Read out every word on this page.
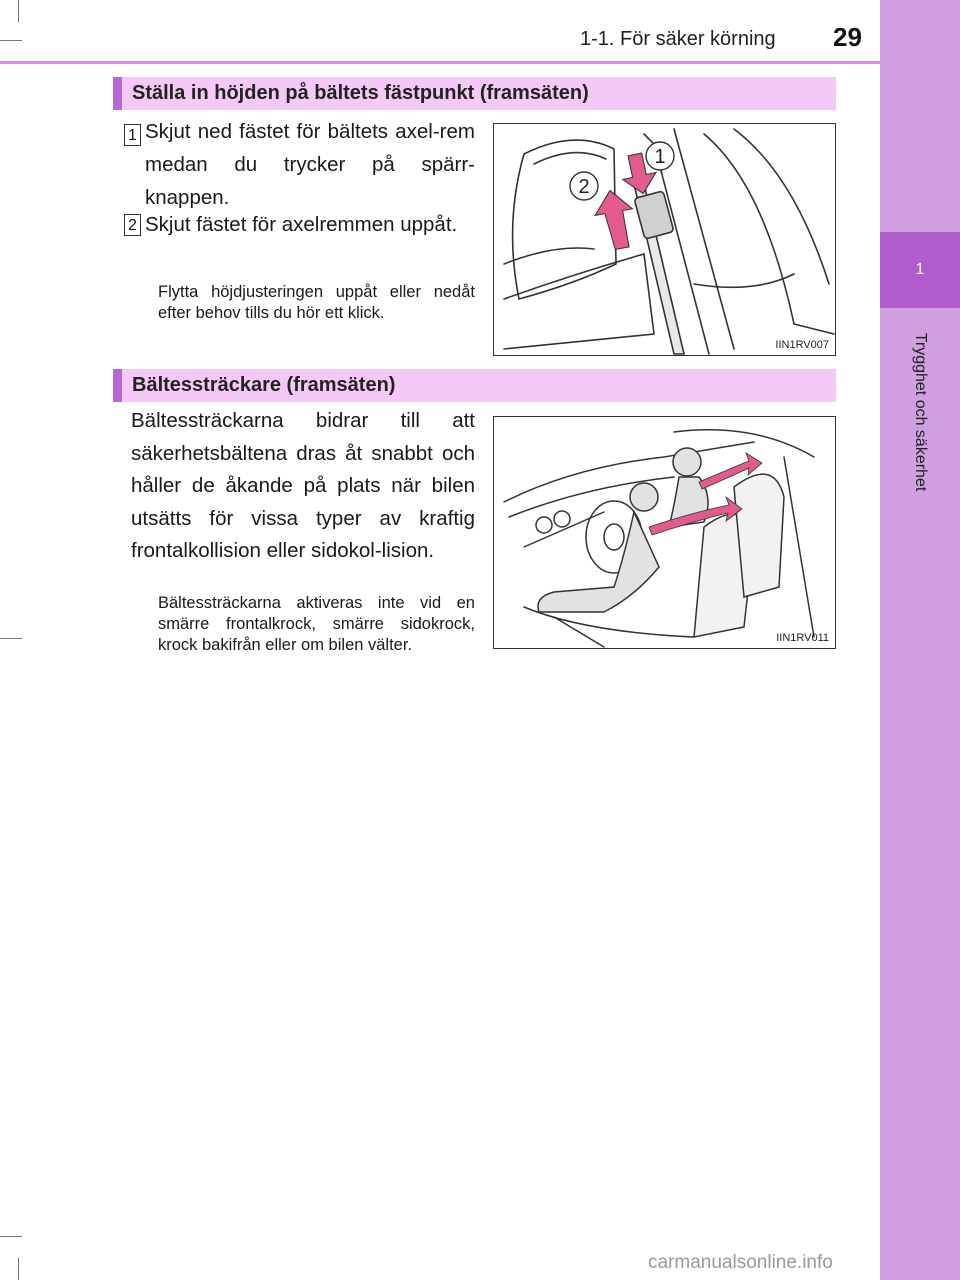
1-1. För säker körning 29
1
Trygghet och säkerhet
Ställa in höjden på bältets fästpunkt (framsäten)
1 Skjut ned fästet för bältets axel-rem medan du trycker på spärr-knappen.
2 Skjut fästet för axelremmen uppåt.
Flytta höjdjusteringen uppåt eller nedåt efter behov tills du hör ett klick.
1
2
IIN1RV007
Bältessträckare (framsäten)
Bältessträckarna bidrar till att säkerhetsbältena dras åt snabbt och håller de åkande på plats när bilen utsätts för vissa typer av kraftig frontalkollision eller sidokol-lision.
Bältessträckarna aktiveras inte vid en smärre frontalkrock, smärre sidokrock, krock bakifrån eller om bilen välter.	IIN1RV011
carmanualsonline.info
